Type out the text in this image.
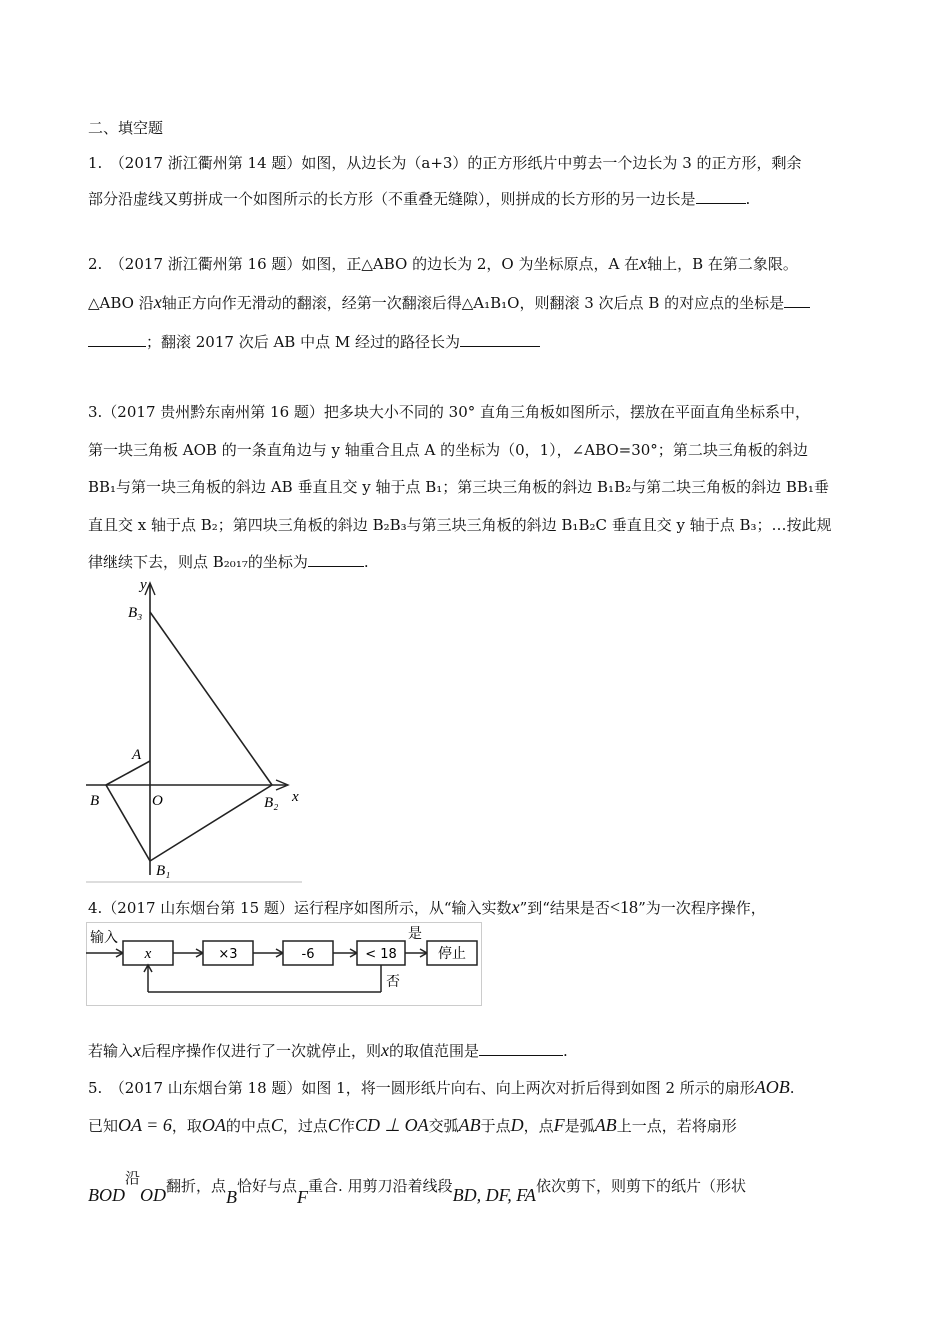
二、填空题
1.　（2017 浙江衢州第 14 题）如图，从边长为（a+3）的正方形纸片中剪去一个边长为 3 的正方形，剩余
部分沿虚线又剪拼成一个如图所示的长方形（不重叠无缝隙），则拼成的长方形的另一边长是	.
2.　（2017 浙江衢州第 16 题）如图，正△ABO 的边长为 2，O 为坐标原点，A 在x轴上，B 在第二象限。
△ABO 沿x轴正方向作无滑动的翻滚，经第一次翻滚后得△A₁B₁O，则翻滚 3 次后点 B 的对应点的坐标是
；翻滚 2017 次后 AB 中点 M 经过的路径长为
3.（2017 贵州黔东南州第 16 题）把多块大小不同的 30° 直角三角板如图所示，摆放在平面直角坐标系中，
第一块三角板 AOB 的一条直角边与 y 轴重合且点 A 的坐标为（0，1），∠ABO=30°；第二块三角板的斜边
BB₁与第一块三角板的斜边 AB 垂直且交 y 轴于点 B₁；第三块三角板的斜边 B₁B₂与第二块三角板的斜边 BB₁垂
直且交 x 轴于点 B₂；第四块三角板的斜边 B₂B₃与第三块三角板的斜边 B₁B₂C 垂直且交 y 轴于点 B₃；…按此规
律继续下去，则点 B₂₀₁₇的坐标为	.
y
x
B₃
A
B	O	B₂
B₁
4.（2017 山东烟台第 15 题）运行程序如图所示，从“输入实数x”到“结果是否<18”为一次程序操作，
输入
x	×3	-6	< 18
是
停止
否
若输入x后程序操作仅进行了一次就停止，则x的取值范围是	.
5.　（2017 山东烟台第 18 题）如图 1，将一圆形纸片向右、向上两次对折后得到如图 2 所示的扇形AOB.
已知OA = 6，取OA的中点C，过点C作CD ⊥ OA交弧AB于点D，点F是弧AB上一点，若将扇形
BOD沿OD翻折，点B恰好与点F重合. 用剪刀沿着线段BD, DF, FA依次剪下，则剪下的纸片（形状
